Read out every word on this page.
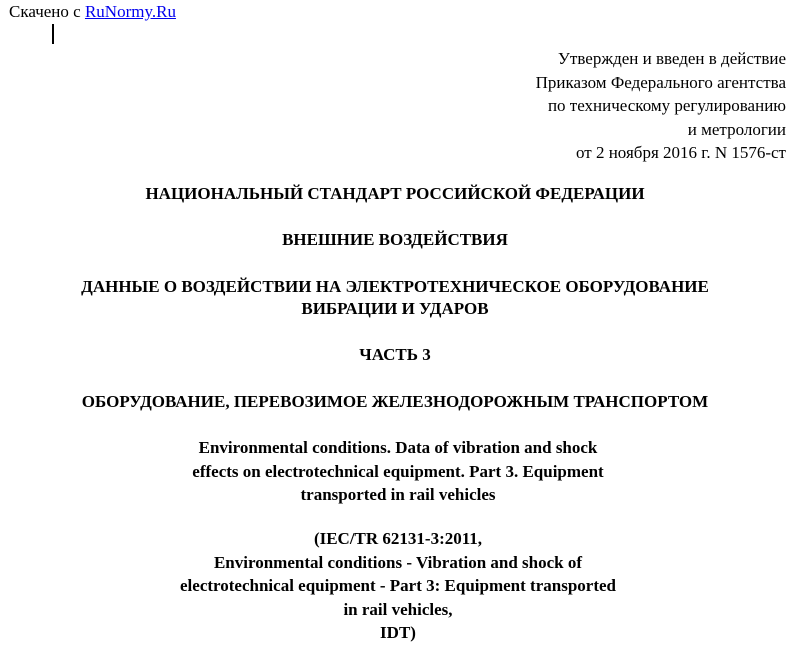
Скачено с RuNormy.Ru
Утвержден и введен в действие
Приказом Федерального агентства
по техническому регулированию
и метрологии
от 2 ноября 2016 г. N 1576-ст
НАЦИОНАЛЬНЫЙ СТАНДАРТ РОССИЙСКОЙ ФЕДЕРАЦИИ
ВНЕШНИЕ ВОЗДЕЙСТВИЯ
ДАННЫЕ О ВОЗДЕЙСТВИИ НА ЭЛЕКТРОТЕХНИЧЕСКОЕ ОБОРУДОВАНИЕ
ВИБРАЦИИ И УДАРОВ
ЧАСТЬ 3
ОБОРУДОВАНИЕ, ПЕРЕВОЗИМОЕ ЖЕЛЕЗНОДОРОЖНЫМ ТРАНСПОРТОМ
Environmental conditions. Data of vibration and shock
effects on electrotechnical equipment. Part 3. Equipment
transported in rail vehicles
(IEC/TR 62131-3:2011,
Environmental conditions - Vibration and shock of
electrotechnical equipment - Part 3: Equipment transported
in rail vehicles,
IDT)
